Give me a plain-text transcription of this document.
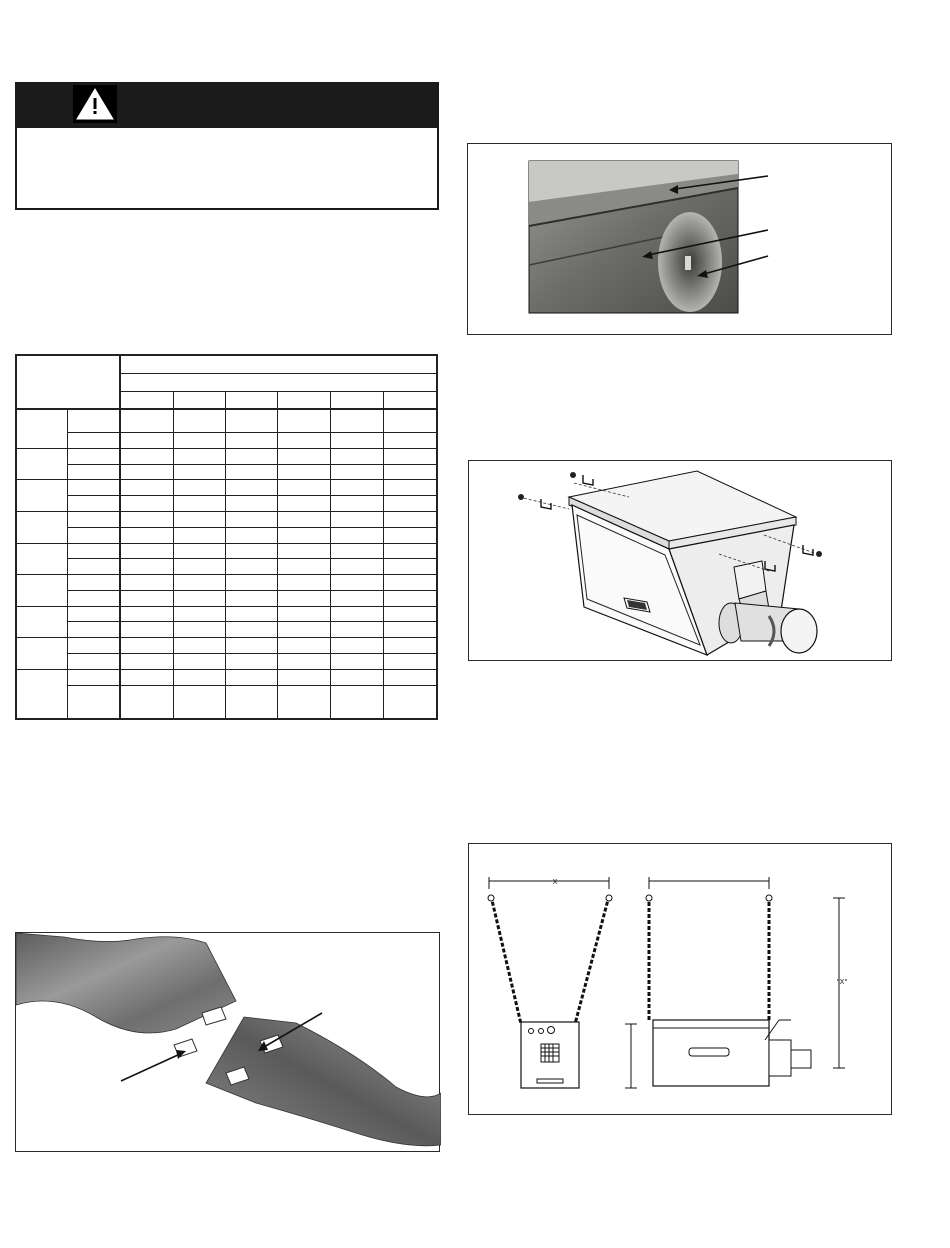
X
"X"
